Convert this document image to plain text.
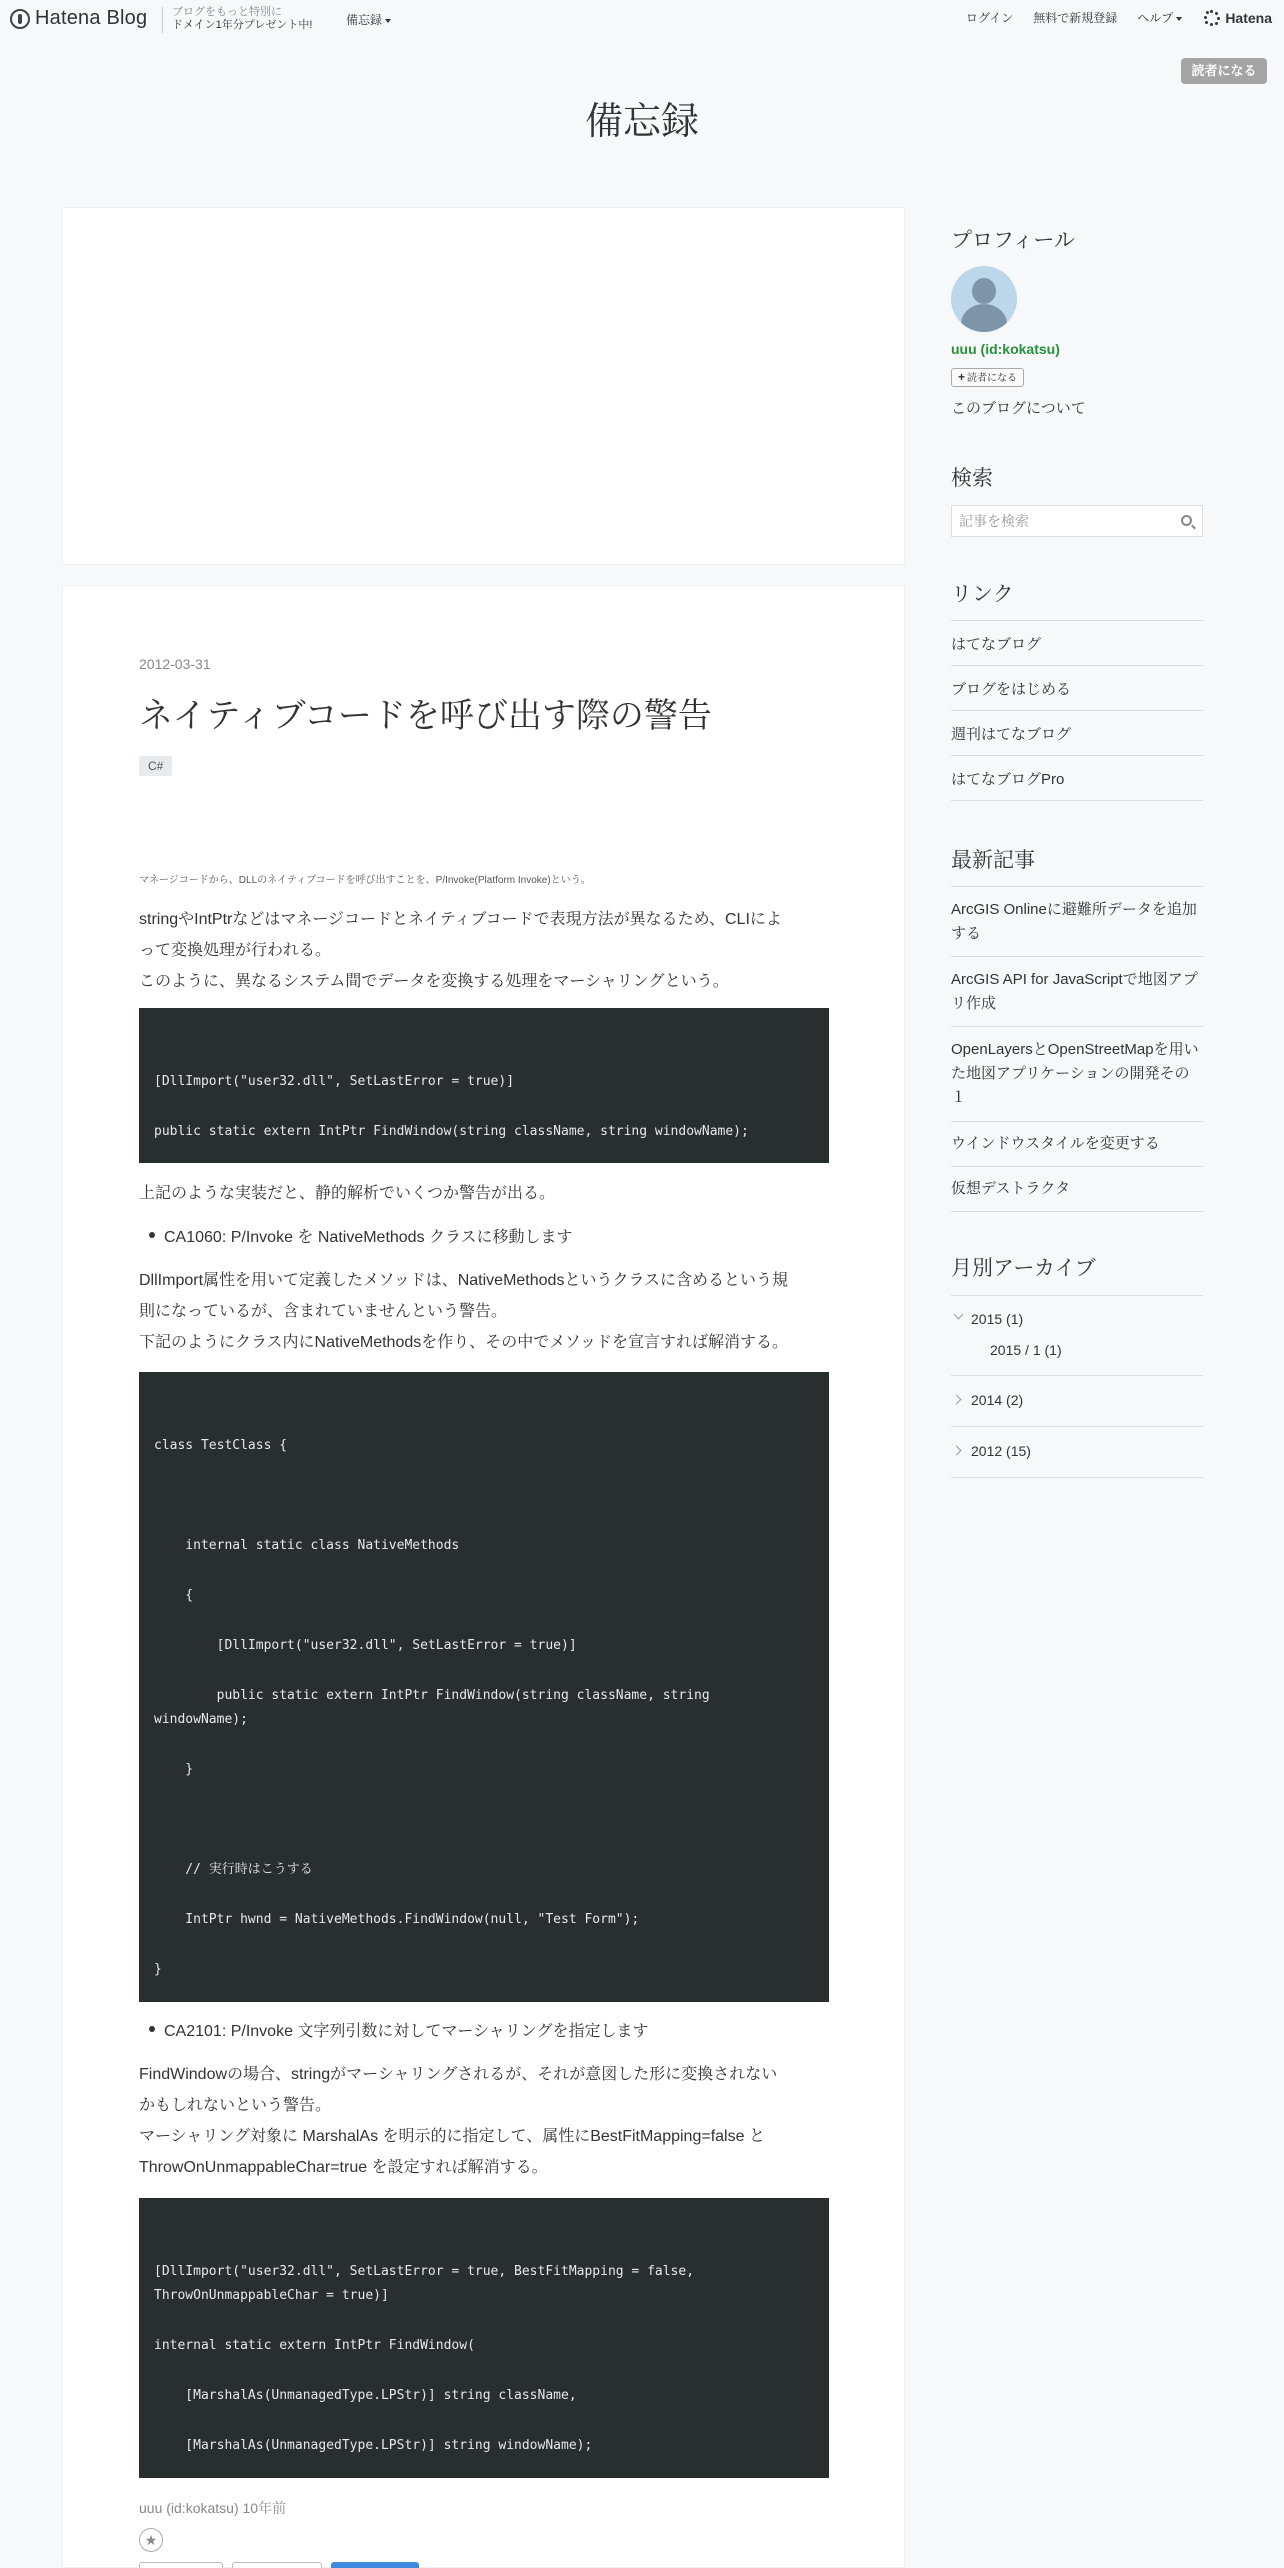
Hatena Blog ブログをもっと特別に
ドメイン1年分プレゼント中!	備忘録	ログイン 無料で新規登録 ヘルプ	Hatena
読者になる
備忘録
2012-03-31
ネイティブコードを呼び出す際の警告
C#
マネージコードから、DLLのネイティブコードを呼び出すことを、P/Invoke(Platform Invoke)という。
stringやIntPtrなどはマネージコードとネイティブコードで表現方法が異なるため、CLIによ
って変換処理が行われる。
このように、異なるシステム間でデータを変換する処理をマーシャリングという。
[DllImport("user32.dll", SetLastError = true)]
public static extern IntPtr FindWindow(string className, string windowName);
上記のような実装だと、静的解析でいくつか警告が出る。
CA1060: P/Invoke を NativeMethods クラスに移動します
DllImport属性を用いて定義したメソッドは、NativeMethodsというクラスに含めるという規
則になっているが、含まれていませんという警告。
下記のようにクラス内にNativeMethodsを作り、その中でメソッドを宣言すれば解消する。
class TestClass {
internal static class NativeMethods
{
[DllImport("user32.dll", SetLastError = true)]
public static extern IntPtr FindWindow(string className, string
windowName);
}
// 実行時はこうする
IntPtr hwnd = NativeMethods.FindWindow(null, "Test Form");
}
CA2101: P/Invoke 文字列引数に対してマーシャリングを指定します
FindWindowの場合、stringがマーシャリングされるが、それが意図した形に変換されない
かもしれないという警告。
マーシャリング対象に MarshalAs を明示的に指定して、属性にBestFitMapping=false と
ThrowOnUnmappableChar=true を設定すれば解消する。
[DllImport("user32.dll", SetLastError = true, BestFitMapping = false,
ThrowOnUnmappableChar = true)]
internal static extern IntPtr FindWindow(
[MarshalAs(UnmanagedType.LPStr)] string className,
[MarshalAs(UnmanagedType.LPStr)] string windowName);
uuu (id:kokatsu) 10年前
★
プロフィール
uuu (id:kokatsu)
+ 読者になる
このブログについて
検索
記事を検索
リンク
はてなブログ
ブログをはじめる
週刊はてなブログ
はてなブログPro
最新記事
ArcGIS Onlineに避難所データを追加する
ArcGIS API for JavaScriptで地図アプリ作成
OpenLayersとOpenStreetMapを用いた地図アプリケーションの開発その１
ウインドウスタイルを変更する
仮想デストラクタ
月別アーカイブ
2015 (1)
2015 / 1 (1)
2014 (2)
2012 (15)
